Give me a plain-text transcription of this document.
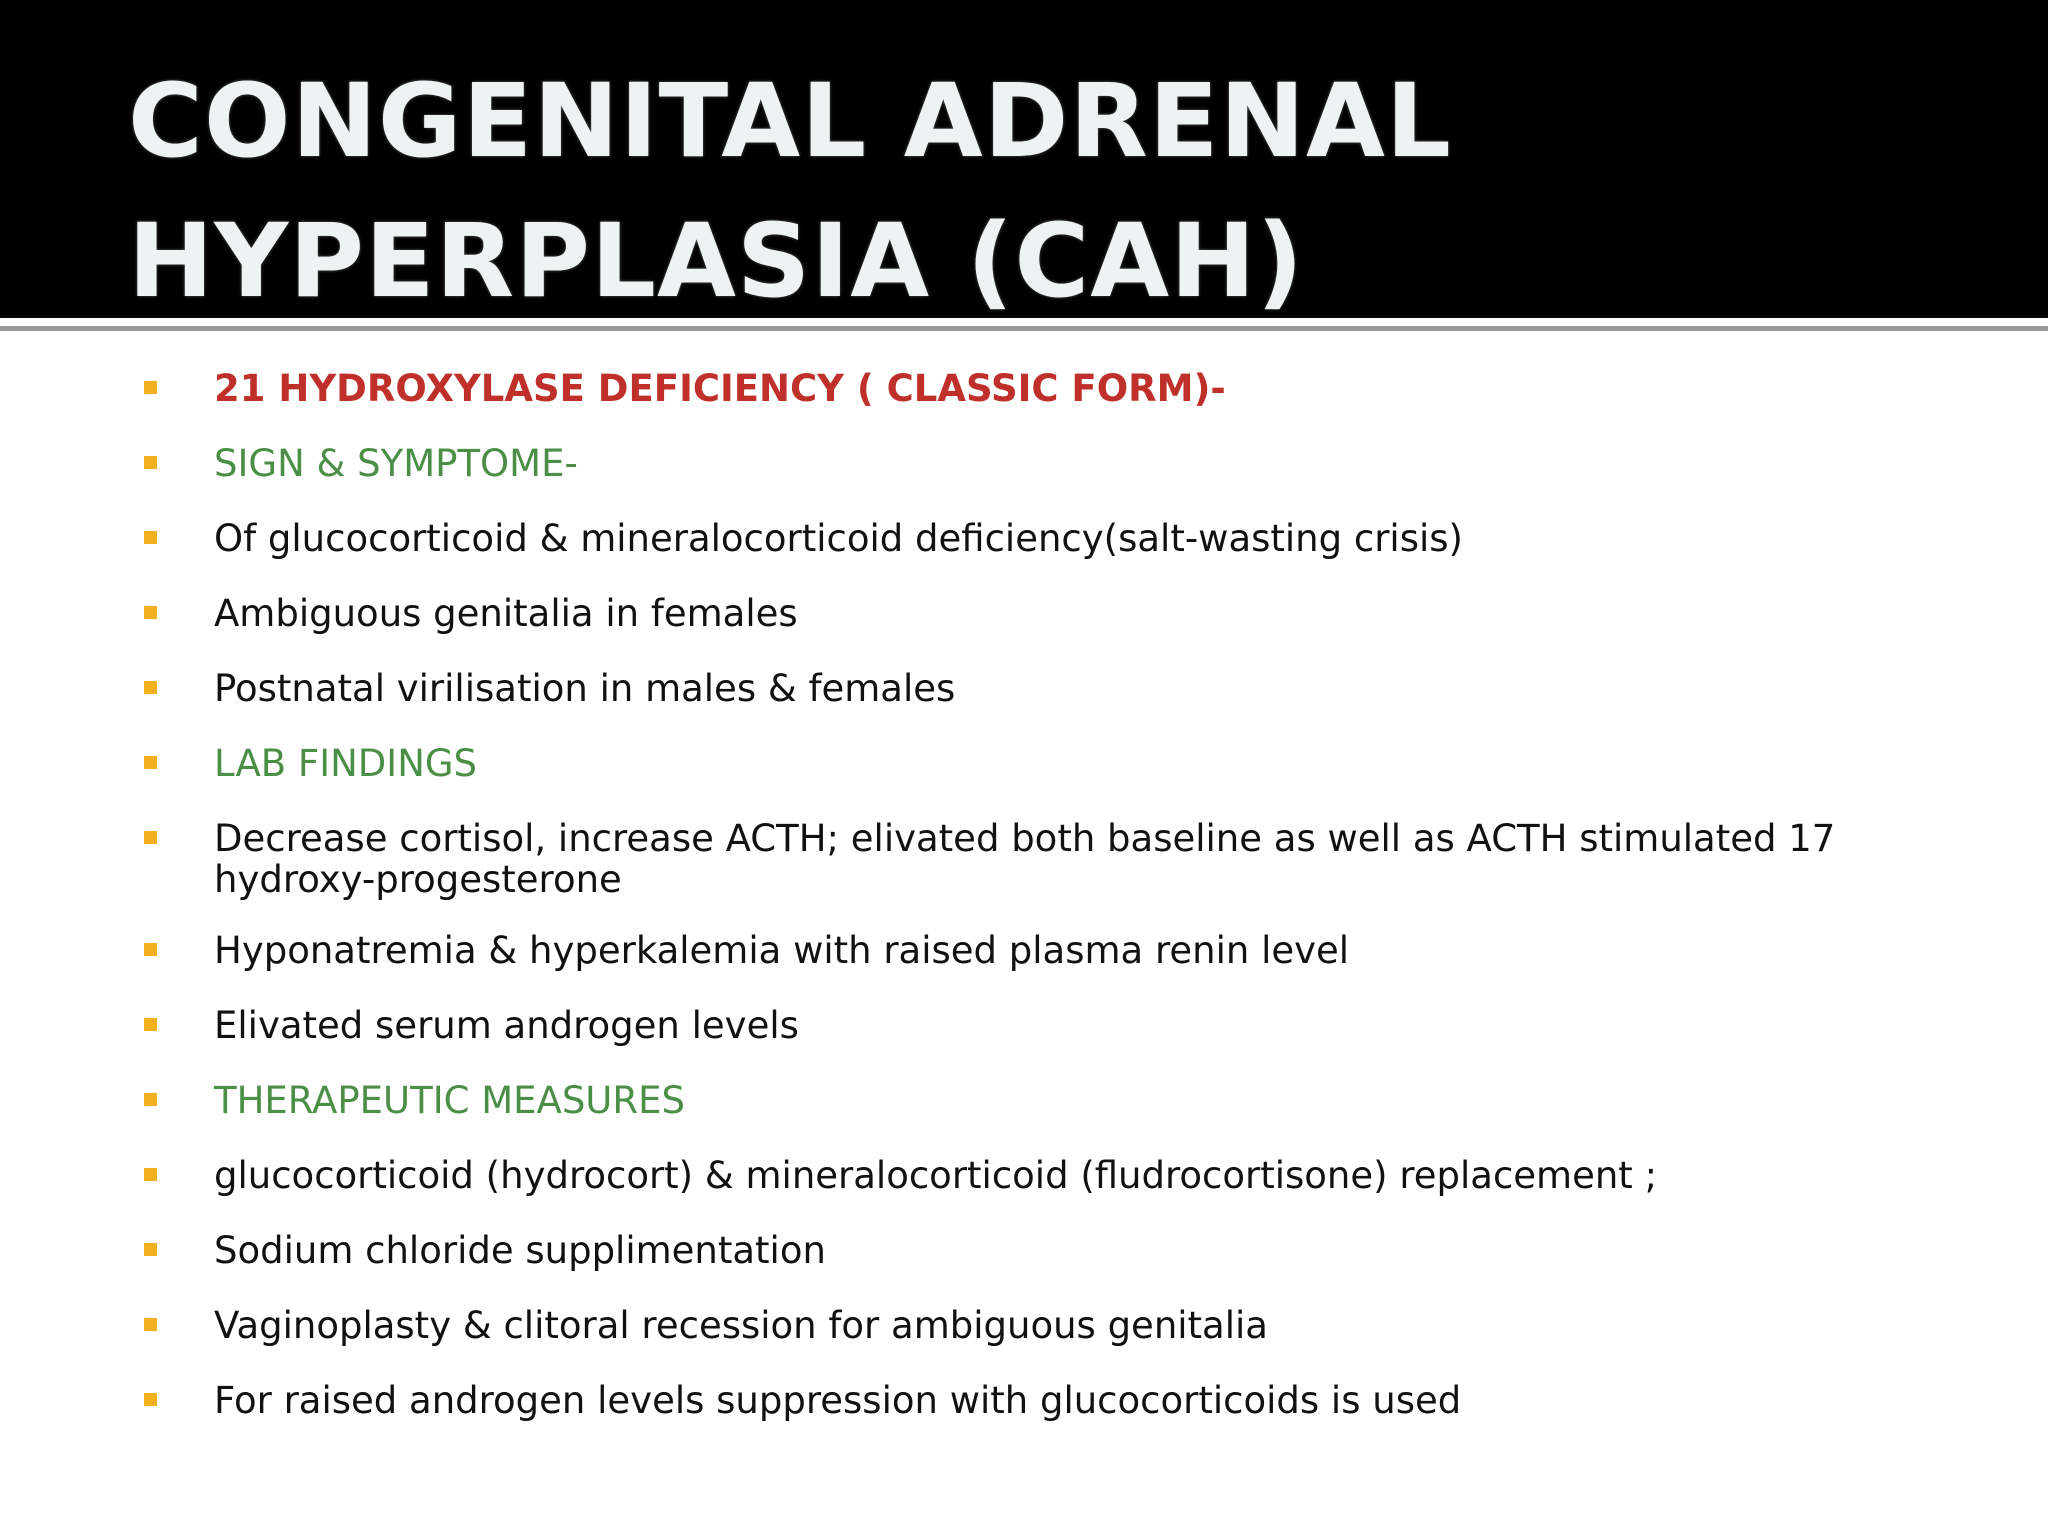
CONGENITAL ADRENAL
HYPERPLASIA (CAH)
21 HYDROXYLASE DEFICIENCY ( CLASSIC FORM)-
SIGN & SYMPTOME-
Of glucocorticoid & mineralocorticoid deficiency(salt-wasting crisis)
Ambiguous genitalia in females
Postnatal virilisation in males & females
LAB FINDINGS
Decrease cortisol, increase ACTH; elivated both baseline as well as ACTH stimulated 17 hydroxy-progesterone
Hyponatremia & hyperkalemia with raised plasma renin level
Elivated serum androgen levels
THERAPEUTIC MEASURES
glucocorticoid (hydrocort) & mineralocorticoid (fludrocortisone) replacement ;
Sodium chloride supplimentation
Vaginoplasty & clitoral recession for ambiguous genitalia
For raised androgen levels suppression with glucocorticoids is used
